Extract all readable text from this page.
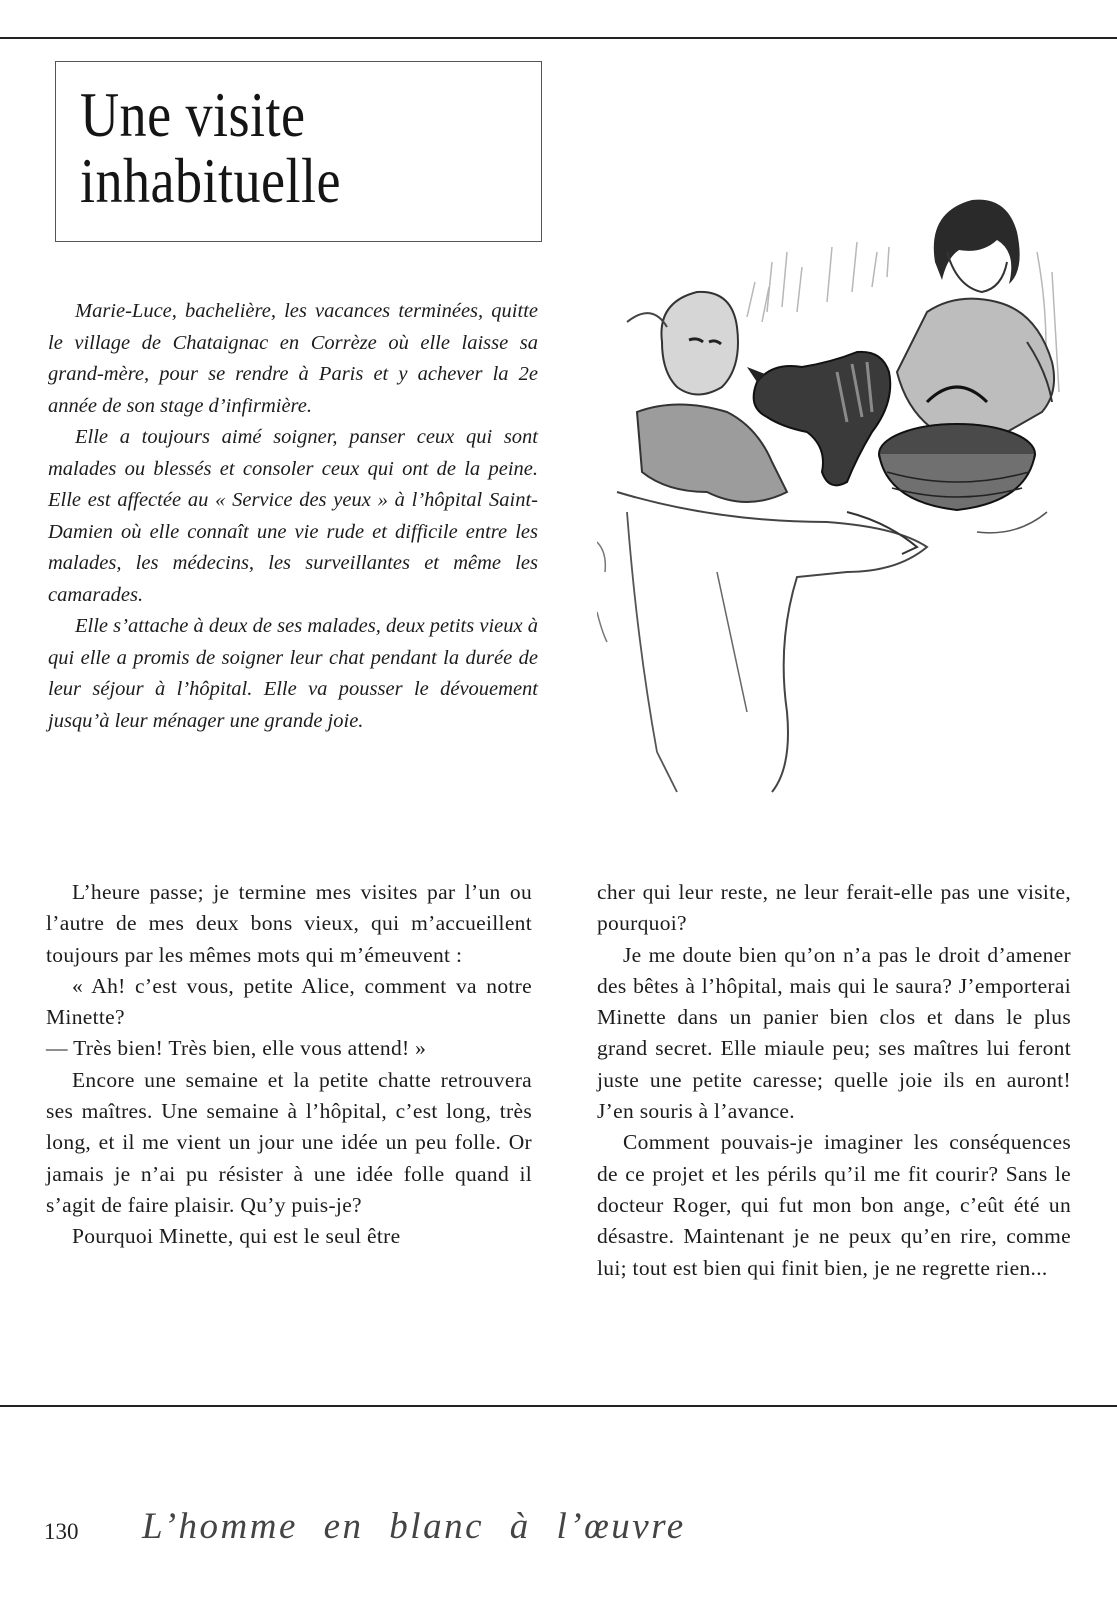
Une visite
inhabituelle

Marie-Luce, bachelière, les vacances terminées, quitte le village de Chataignac en Corrèze où elle laisse sa grand-mère, pour se rendre à Paris et y achever la 2e année de son stage d’infirmière.

Elle a toujours aimé soigner, panser ceux qui sont malades ou blessés et consoler ceux qui ont de la peine. Elle est affectée au « Service des yeux » à l’hôpital Saint-Damien où elle connaît une vie rude et difficile entre les malades, les médecins, les surveillantes et même les camarades.

Elle s’attache à deux de ses malades, deux petits vieux à qui elle a promis de soigner leur chat pendant la durée de leur séjour à l’hôpital. Elle va pousser le dévouement jusqu’à leur ménager une grande joie.

L’heure passe; je termine mes visites par l’un ou l’autre de mes deux bons vieux, qui m’accueillent toujours par les mêmes mots qui m’émeuvent :

« Ah! c’est vous, petite Alice, comment va notre Minette?

— Très bien! Très bien, elle vous attend! »

Encore une semaine et la petite chatte retrouvera ses maîtres. Une semaine à l’hôpital, c’est long, très long, et il me vient un jour une idée un peu folle. Or jamais je n’ai pu résister à une idée folle quand il s’agit de faire plaisir. Qu’y puis-je?

Pourquoi Minette, qui est le seul être

cher qui leur reste, ne leur ferait-elle pas une visite, pourquoi?

Je me doute bien qu’on n’a pas le droit d’amener des bêtes à l’hôpital, mais qui le saura? J’emporterai Minette dans un panier bien clos et dans le plus grand secret. Elle miaule peu; ses maîtres lui feront juste une petite caresse; quelle joie ils en auront! J’en souris à l’avance.

Comment pouvais-je imaginer les conséquences de ce projet et les périls qu’il me fit courir? Sans le docteur Roger, qui fut mon bon ange, c’eût été un désastre. Maintenant je ne peux qu’en rire, comme lui; tout est bien qui finit bien, je ne regrette rien...

130 L’homme en blanc à l’œuvre
